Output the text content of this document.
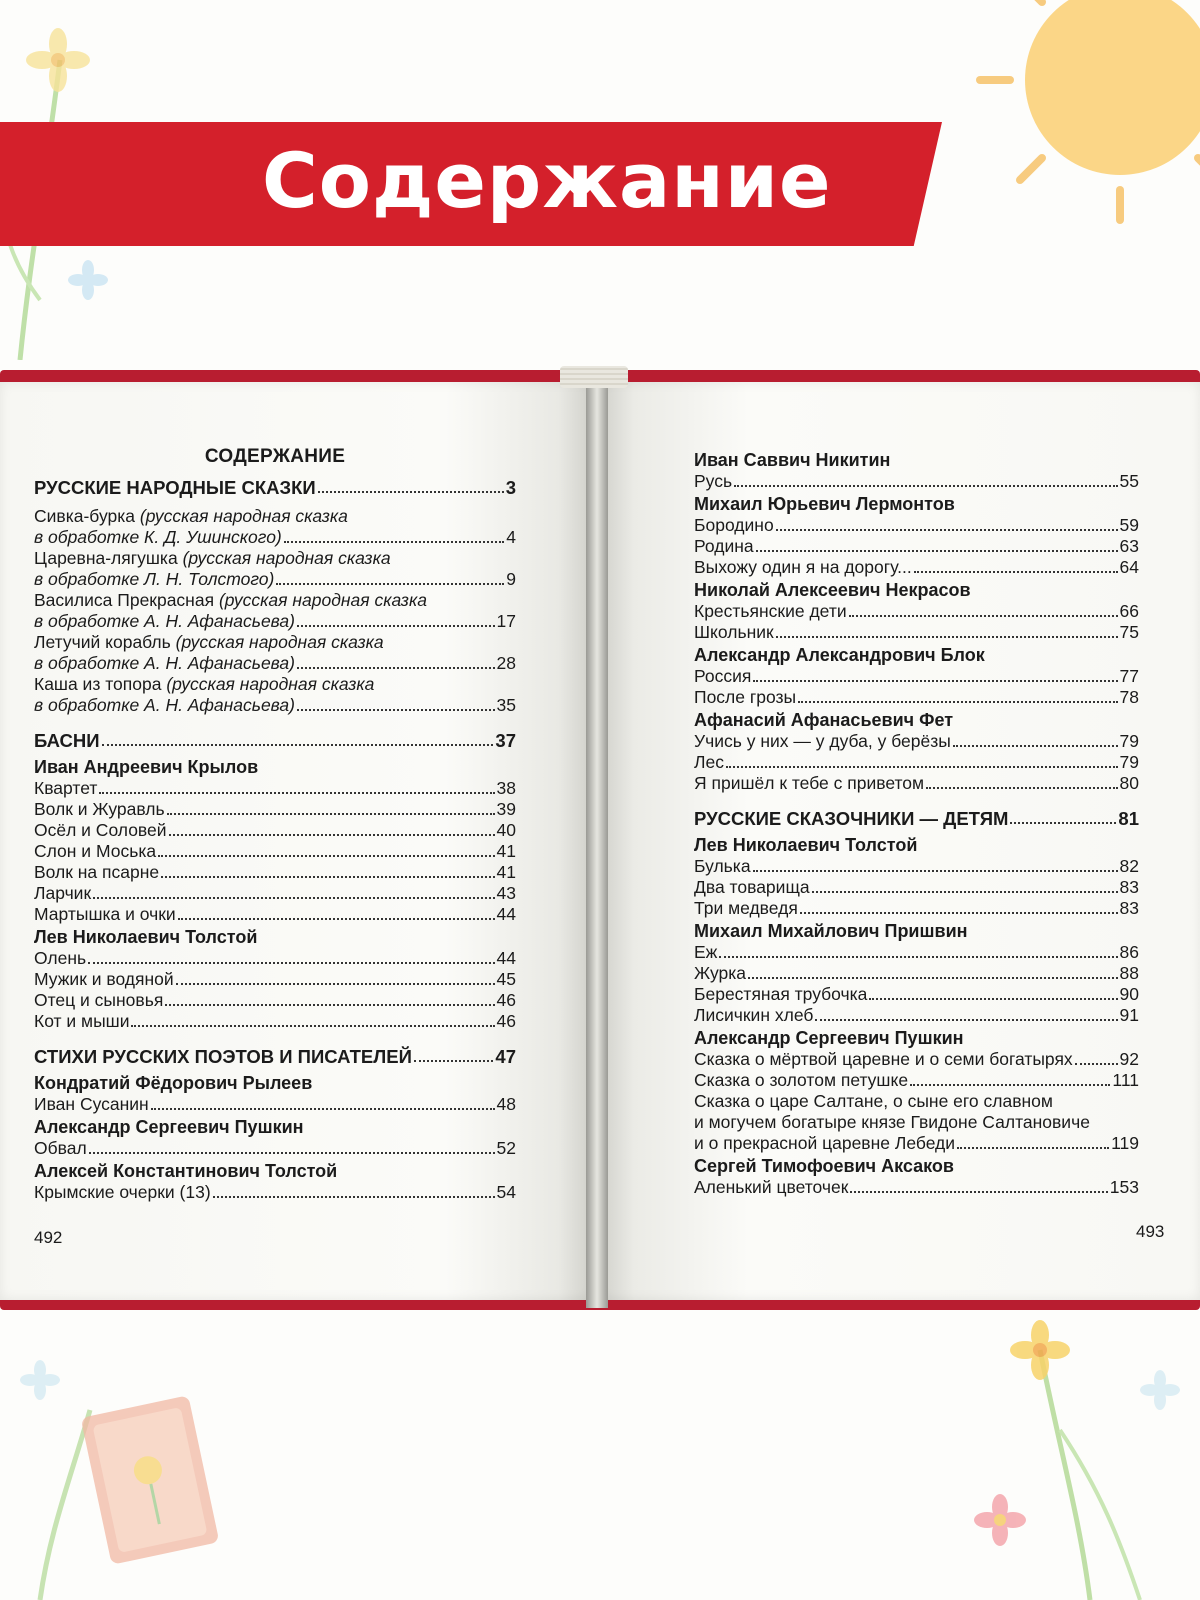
Содержание
СОДЕРЖАНИЕ
РУССКИЕ НАРОДНЫЕ СКАЗКИ	3
Сивка-бурка (русская народная сказка
в обработке К. Д. Ушинского)	4
Царевна-лягушка (русская народная сказка
в обработке Л. Н. Толстого)	9
Василиса Прекрасная (русская народная сказка
в обработке А. Н. Афанасьева)	17
Летучий корабль (русская народная сказка
в обработке А. Н. Афанасьева)	28
Каша из топора (русская народная сказка
в обработке А. Н. Афанасьева)	35
БАСНИ	37
Иван Андреевич Крылов
Квартет	38
Волк и Журавль	39
Осёл и Соловей	40
Слон и Моська	41
Волк на псарне	41
Ларчик	43
Мартышка и очки	44
Лев Николаевич Толстой
Олень	44
Мужик и водяной	45
Отец и сыновья	46
Кот и мыши	46
СТИХИ РУССКИХ ПОЭТОВ И ПИСАТЕЛЕЙ	47
Кондратий Фёдорович Рылеев
Иван Сусанин	48
Александр Сергеевич Пушкин
Обвал	52
Алексей Константинович Толстой
Крымские очерки (13)	54
492
Иван Саввич Никитин
Русь	55
Михаил Юрьевич Лермонтов
Бородино	59
Родина	63
Выхожу один я на дорогу...	64
Николай Алексеевич Некрасов
Крестьянские дети	66
Школьник	75
Александр Александрович Блок
Россия	77
После грозы	78
Афанасий Афанасьевич Фет
Учись у них — у дуба, у берёзы	79
Лес	79
Я пришёл к тебе с приветом	80
РУССКИЕ СКАЗОЧНИКИ — ДЕТЯМ	81
Лев Николаевич Толстой
Булька	82
Два товарища	83
Три медведя	83
Михаил Михайлович Пришвин
Еж	86
Журка	88
Берестяная трубочка	90
Лисичкин хлеб	91
Александр Сергеевич Пушкин
Сказка о мёртвой царевне и о семи богатырях	92
Сказка о золотом петушке	111
Сказка о царе Салтане, о сыне его славном
и могучем богатыре князе Гвидоне Салтановиче
и о прекрасной царевне Лебеди	119
Сергей Тимофоевич Аксаков
Аленький цветочек	153
493
